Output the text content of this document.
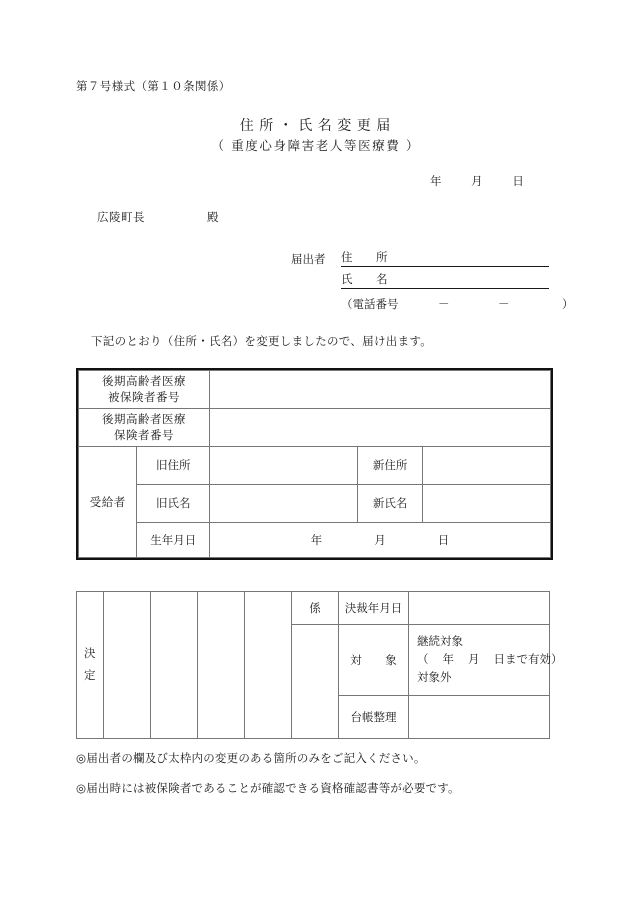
第７号様式（第１０条関係）
住所・氏名変更届
（ 重度心身障害老人等医療費 ）
年	月	日
広陵町長	殿
届出者	住　所
氏　名
（電話番号	－	－	）
下記のとおり（住所・氏名）を変更しましたので、届け出ます。
後期高齢者医療
被保険者番号				

後期高齢者医療
保険者番号				

受給者	旧住所		新住所	
	旧氏名		新氏名	
	生年月日	年 月 日		
決
定					係	決裁年月日	
						対　象	継続対象
（ 年 月 日まで有効）
対象外

						台帳整理	

◎届出者の欄及び太枠内の変更のある箇所のみをご記入ください。

◎届出時には被保険者であることが確認できる資格確認書等が必要です。
